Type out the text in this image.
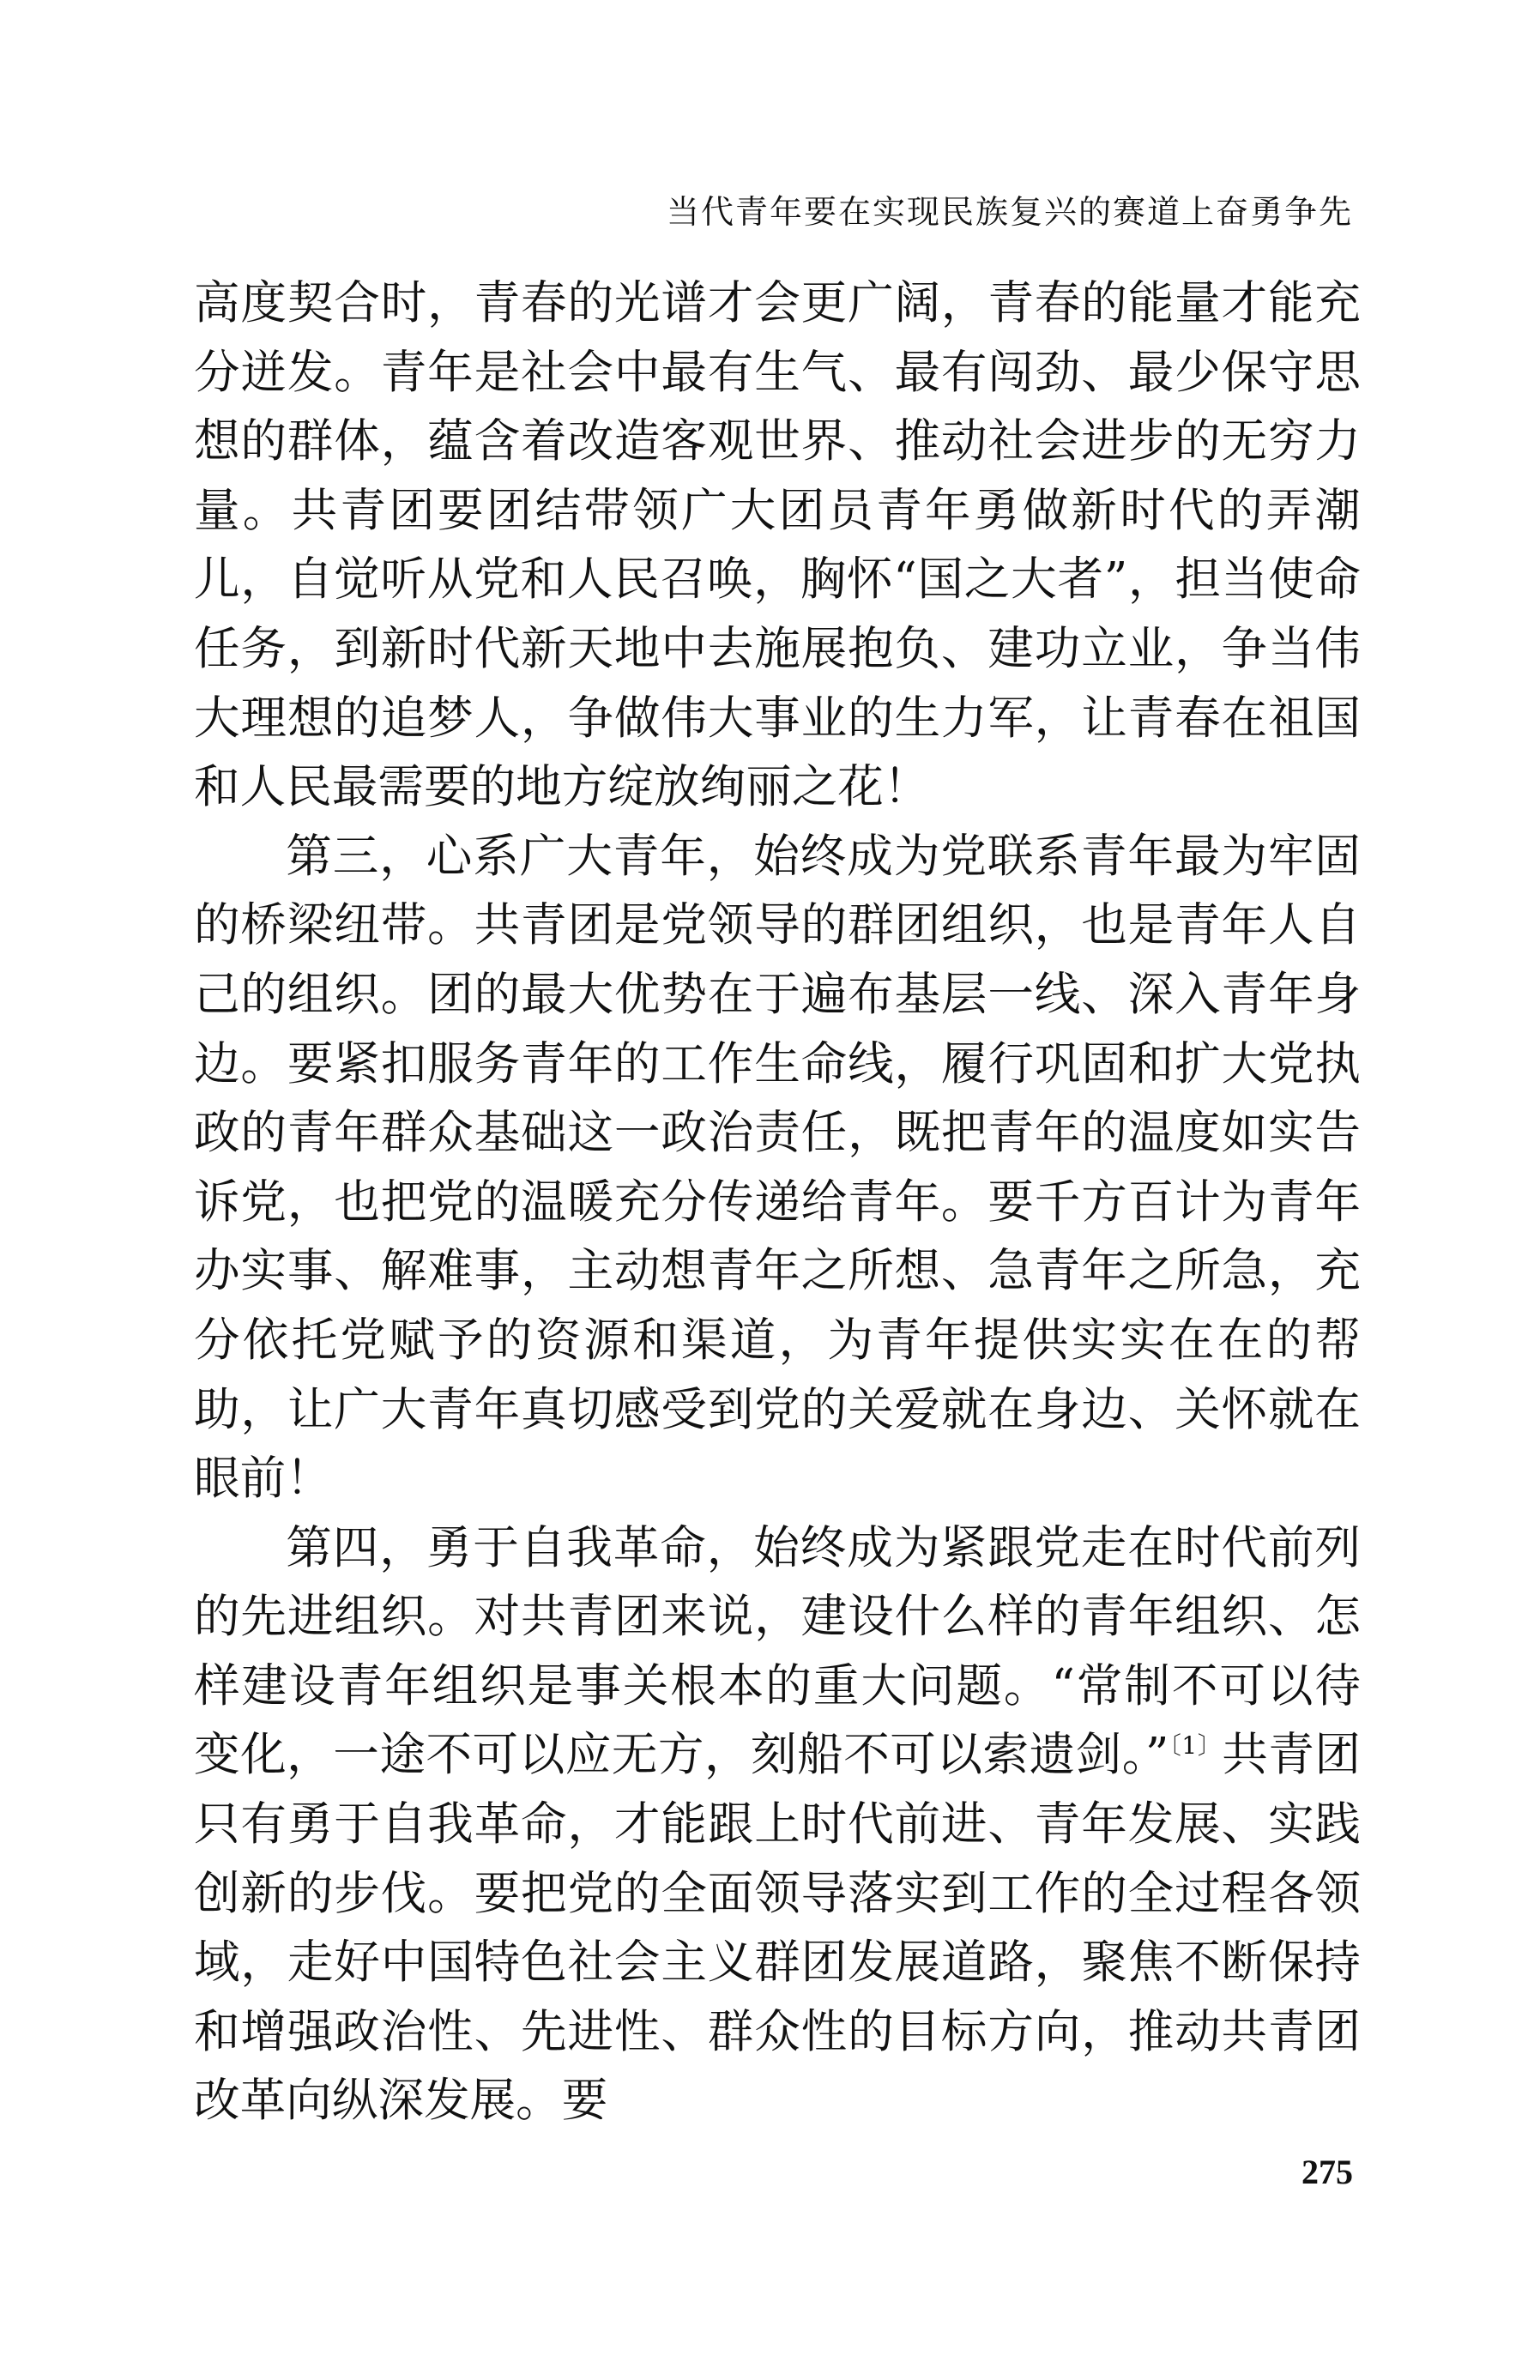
当代青年要在实现民族复兴的赛道上奋勇争先

高度契合时，青春的光谱才会更广阔，青春的能量才能充分迸发。青年是社会中最有生气、最有闯劲、最少保守思想的群体，蕴含着改造客观世界、推动社会进步的无穷力量。共青团要团结带领广大团员青年勇做新时代的弄潮儿，自觉听从党和人民召唤，胸怀“国之大者”，担当使命任务，到新时代新天地中去施展抱负、建功立业，争当伟大理想的追梦人，争做伟大事业的生力军，让青春在祖国和人民最需要的地方绽放绚丽之花！

第三，心系广大青年，始终成为党联系青年最为牢固的桥梁纽带。共青团是党领导的群团组织，也是青年人自己的组织。团的最大优势在于遍布基层一线、深入青年身边。要紧扣服务青年的工作生命线，履行巩固和扩大党执政的青年群众基础这一政治责任，既把青年的温度如实告诉党，也把党的温暖充分传递给青年。要千方百计为青年办实事、解难事，主动想青年之所想、急青年之所急，充分依托党赋予的资源和渠道，为青年提供实实在在的帮助，让广大青年真切感受到党的关爱就在身边、关怀就在眼前！

第四，勇于自我革命，始终成为紧跟党走在时代前列的先进组织。对共青团来说，建设什么样的青年组织、怎样建设青年组织是事关根本的重大问题。“常制不可以待变化，一途不可以应无方，刻船不可以索遗剑。”$^{〔1〕}$共青团只有勇于自我革命，才能跟上时代前进、青年发展、实践创新的步伐。要把党的全面领导落实到工作的全过程各领域，走好中国特色社会主义群团发展道路，聚焦不断保持和增强政治性、先进性、群众性的目标方向，推动共青团改革向纵深发展。要

275
